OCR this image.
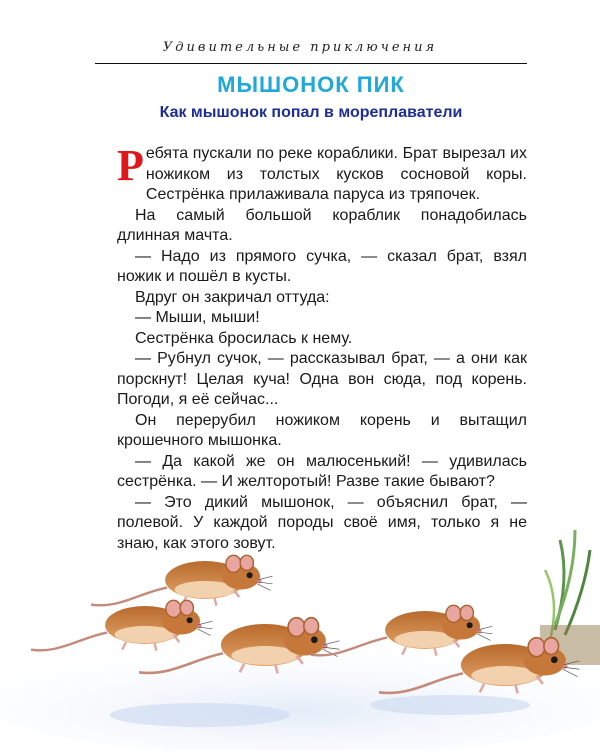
Удивительные приключения
МЫШОНОК ПИК
Как мышонок попал в мореплаватели

Ребята пускали по реке кораблики. Брат вырезал их ножиком из толстых кусков сосновой коры. Сестрёнка прилаживала паруса из тряпочек.

На самый большой кораблик понадобилась длинная мачта.

— Надо из прямого сучка, — сказал брат, взял ножик и пошёл в кусты.

Вдруг он закричал оттуда:

— Мыши, мыши!

Сестрёнка бросилась к нему.

— Рубнул сучок, — рассказывал брат, — а они как порскнут! Целая куча! Одна вон сюда, под корень. Погоди, я её сейчас...

Он перерубил ножиком корень и вытащил крошечного мышонка.

— Да какой же он малюсенький! — удивилась сестрёнка. — И желторотый! Разве такие бывают?

— Это дикий мышонок, — объяснил брат, — полевой. У каждой породы своё имя, только я не знаю, как этого зовут.
